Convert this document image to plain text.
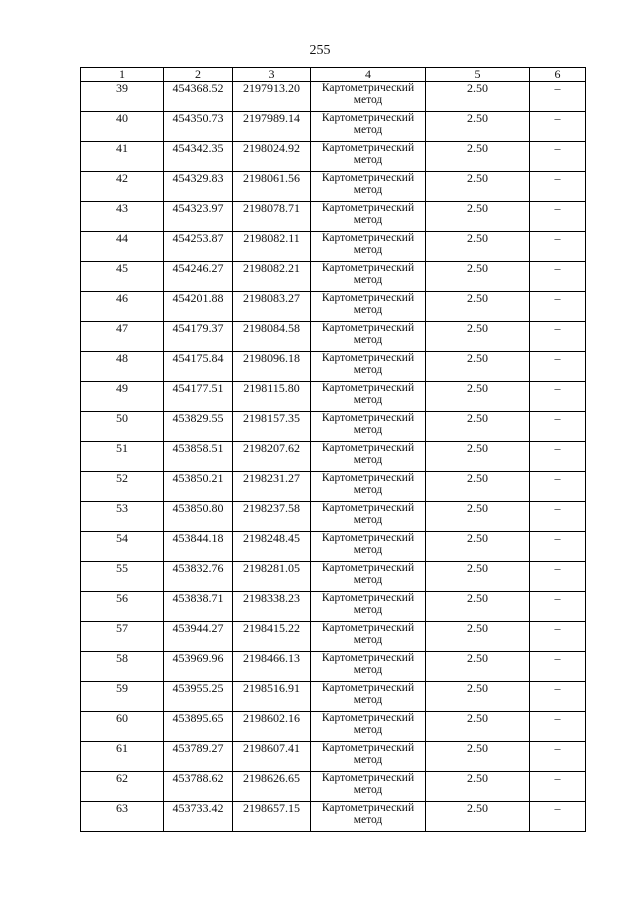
255
1	2	3	4	5	6
39	454368.52	2197913.20	Картометрический метод	2.50	–
40	454350.73	2197989.14	Картометрический метод	2.50	–
41	454342.35	2198024.92	Картометрический метод	2.50	–
42	454329.83	2198061.56	Картометрический метод	2.50	–
43	454323.97	2198078.71	Картометрический метод	2.50	–
44	454253.87	2198082.11	Картометрический метод	2.50	–
45	454246.27	2198082.21	Картометрический метод	2.50	–
46	454201.88	2198083.27	Картометрический метод	2.50	–
47	454179.37	2198084.58	Картометрический метод	2.50	–
48	454175.84	2198096.18	Картометрический метод	2.50	–
49	454177.51	2198115.80	Картометрический метод	2.50	–
50	453829.55	2198157.35	Картометрический метод	2.50	–
51	453858.51	2198207.62	Картометрический метод	2.50	–
52	453850.21	2198231.27	Картометрический метод	2.50	–
53	453850.80	2198237.58	Картометрический метод	2.50	–
54	453844.18	2198248.45	Картометрический метод	2.50	–
55	453832.76	2198281.05	Картометрический метод	2.50	–
56	453838.71	2198338.23	Картометрический метод	2.50	–
57	453944.27	2198415.22	Картометрический метод	2.50	–
58	453969.96	2198466.13	Картометрический метод	2.50	–
59	453955.25	2198516.91	Картометрический метод	2.50	–
60	453895.65	2198602.16	Картометрический метод	2.50	–
61	453789.27	2198607.41	Картометрический метод	2.50	–
62	453788.62	2198626.65	Картометрический метод	2.50	–
63	453733.42	2198657.15	Картометрический метод	2.50	–
